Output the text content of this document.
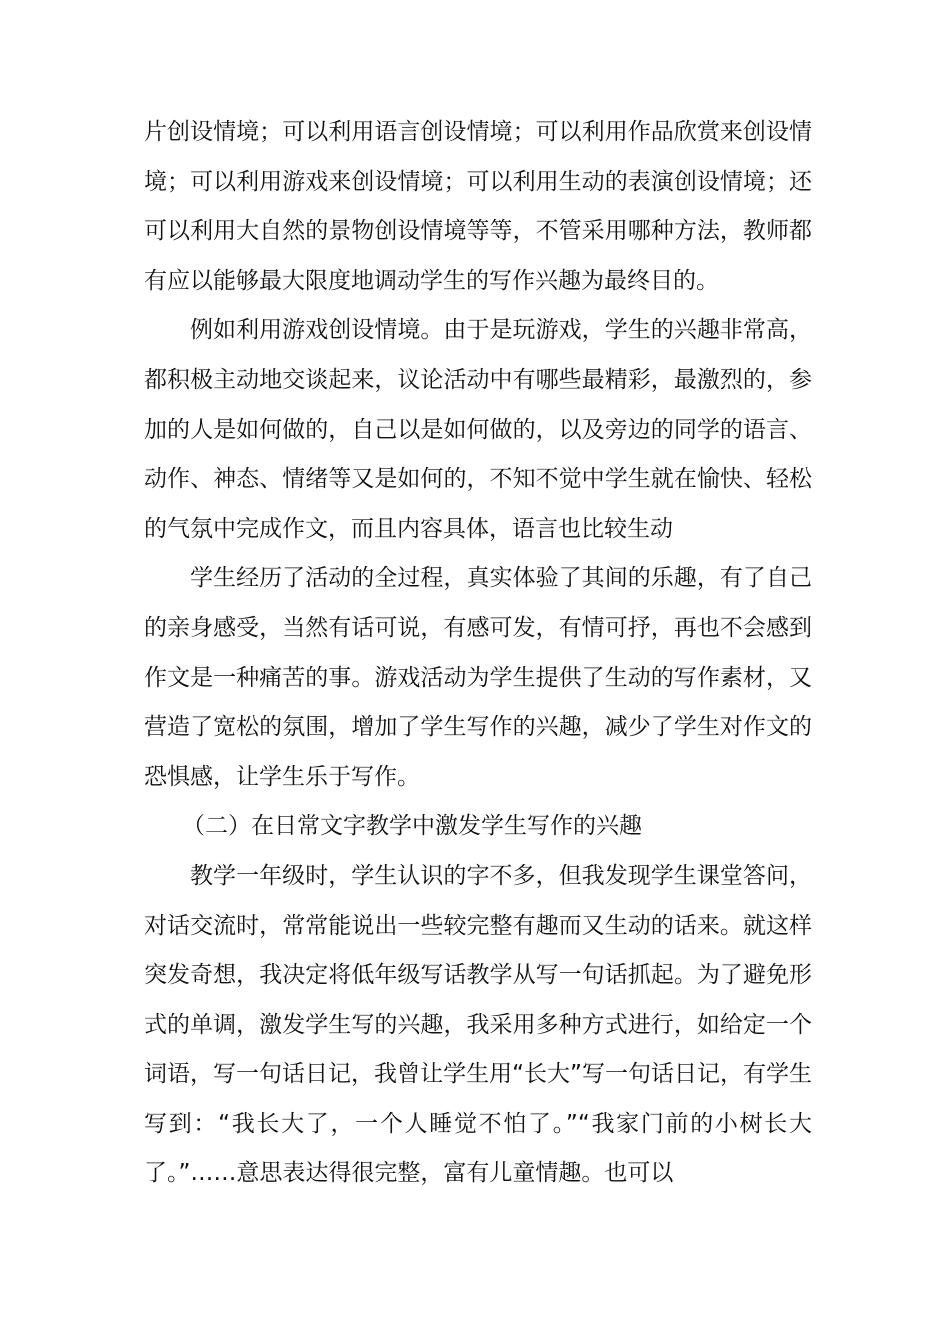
片创设情境；可以利用语言创设情境；可以利用作品欣赏来创设情境；可以利用游戏来创设情境；可以利用生动的表演创设情境；还可以利用大自然的景物创设情境等等，不管采用哪种方法，教师都有应以能够最大限度地调动学生的写作兴趣为最终目的。

例如利用游戏创设情境。由于是玩游戏，学生的兴趣非常高，都积极主动地交谈起来，议论活动中有哪些最精彩，最激烈的，参加的人是如何做的，自己以是如何做的，以及旁边的同学的语言、动作、神态、情绪等又是如何的，不知不觉中学生就在愉快、轻松的气氛中完成作文，而且内容具体，语言也比较生动

学生经历了活动的全过程，真实体验了其间的乐趣，有了自己的亲身感受，当然有话可说，有感可发，有情可抒，再也不会感到作文是一种痛苦的事。游戏活动为学生提供了生动的写作素材，又营造了宽松的氛围，增加了学生写作的兴趣，减少了学生对作文的恐惧感，让学生乐于写作。

（二）在日常文字教学中激发学生写作的兴趣

教学一年级时，学生认识的字不多，但我发现学生课堂答问，对话交流时，常常能说出一些较完整有趣而又生动的话来。就这样突发奇想，我决定将低年级写话教学从写一句话抓起。为了避免形式的单调，激发学生写的兴趣，我采用多种方式进行，如给定一个词语，写一句话日记，我曾让学生用“长大”写一句话日记，有学生写到：“我长大了，一个人睡觉不怕了。”“我家门前的小树长大了。”……意思表达得很完整，富有儿童情趣。也可以
